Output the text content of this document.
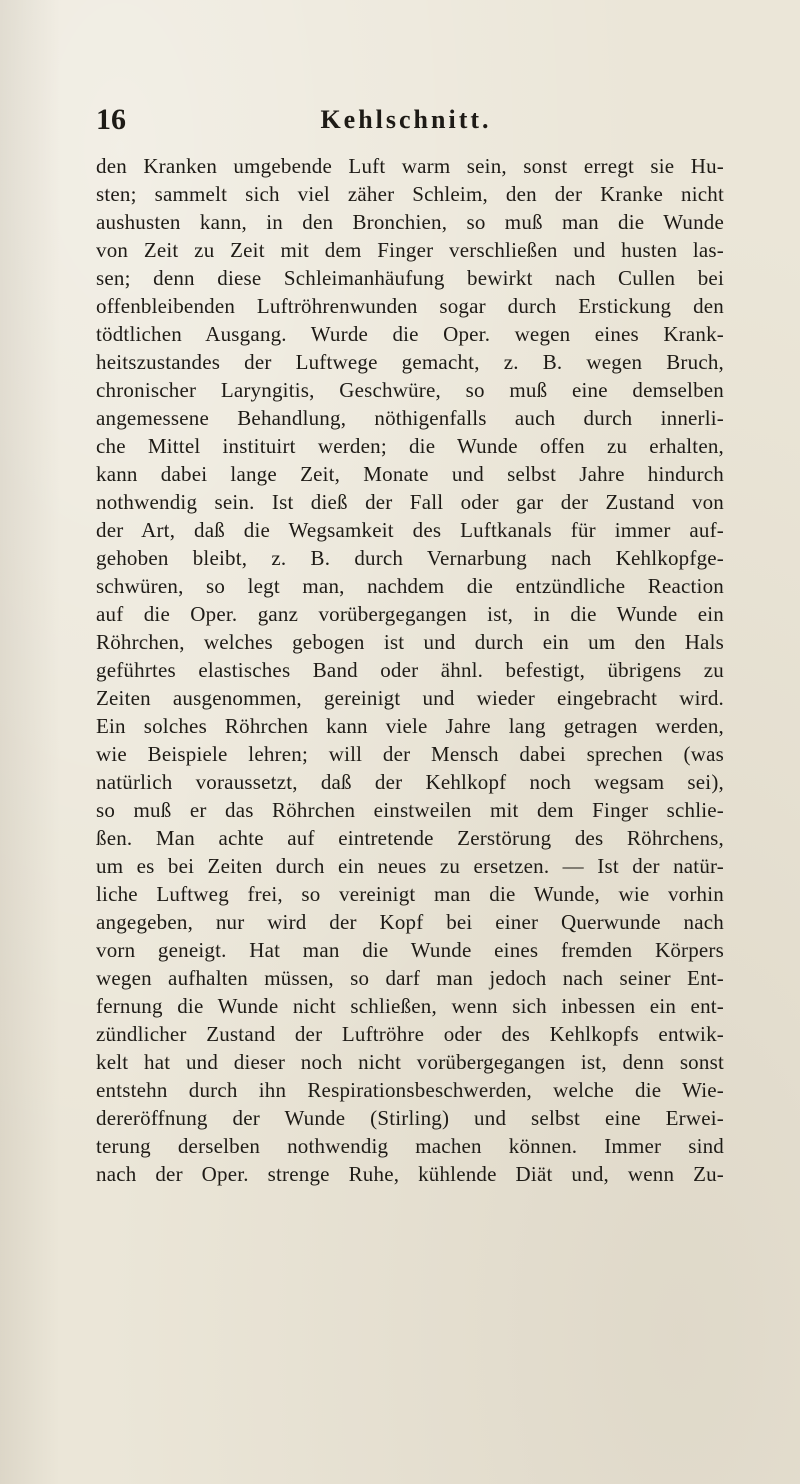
16	Kehlschnitt.
den Kranken umgebende Luft warm sein, sonst erregt sie Hu-
sten; sammelt sich viel zäher Schleim, den der Kranke nicht
aushusten kann, in den Bronchien, so muß man die Wunde
von Zeit zu Zeit mit dem Finger verschließen und husten las-
sen; denn diese Schleimanhäufung bewirkt nach Cullen bei
offenbleibenden Luftröhrenwunden sogar durch Erstickung den
tödtlichen Ausgang. Wurde die Oper. wegen eines Krank-
heitszustandes der Luftwege gemacht, z. B. wegen Bruch,
chronischer Laryngitis, Geschwüre, so muß eine demselben
angemessene Behandlung, nöthigenfalls auch durch innerli-
che Mittel instituirt werden; die Wunde offen zu erhalten,
kann dabei lange Zeit, Monate und selbst Jahre hindurch
nothwendig sein. Ist dieß der Fall oder gar der Zustand von
der Art, daß die Wegsamkeit des Luftkanals für immer auf-
gehoben bleibt, z. B. durch Vernarbung nach Kehlkopfge-
schwüren, so legt man, nachdem die entzündliche Reaction
auf die Oper. ganz vorübergegangen ist, in die Wunde ein
Röhrchen, welches gebogen ist und durch ein um den Hals
geführtes elastisches Band oder ähnl. befestigt, übrigens zu
Zeiten ausgenommen, gereinigt und wieder eingebracht wird.
Ein solches Röhrchen kann viele Jahre lang getragen werden,
wie Beispiele lehren; will der Mensch dabei sprechen (was
natürlich voraussetzt, daß der Kehlkopf noch wegsam sei),
so muß er das Röhrchen einstweilen mit dem Finger schlie-
ßen. Man achte auf eintretende Zerstörung des Röhrchens,
um es bei Zeiten durch ein neues zu ersetzen. — Ist der natür-
liche Luftweg frei, so vereinigt man die Wunde, wie vorhin
angegeben, nur wird der Kopf bei einer Querwunde nach
vorn geneigt. Hat man die Wunde eines fremden Körpers
wegen aufhalten müssen, so darf man jedoch nach seiner Ent-
fernung die Wunde nicht schließen, wenn sich inbessen ein ent-
zündlicher Zustand der Luftröhre oder des Kehlkopfs entwik-
kelt hat und dieser noch nicht vorübergegangen ist, denn sonst
entstehn durch ihn Respirationsbeschwerden, welche die Wie-
dereröffnung der Wunde (Stirling) und selbst eine Erwei-
terung derselben nothwendig machen können. Immer sind
nach der Oper. strenge Ruhe, kühlende Diät und, wenn Zu-
